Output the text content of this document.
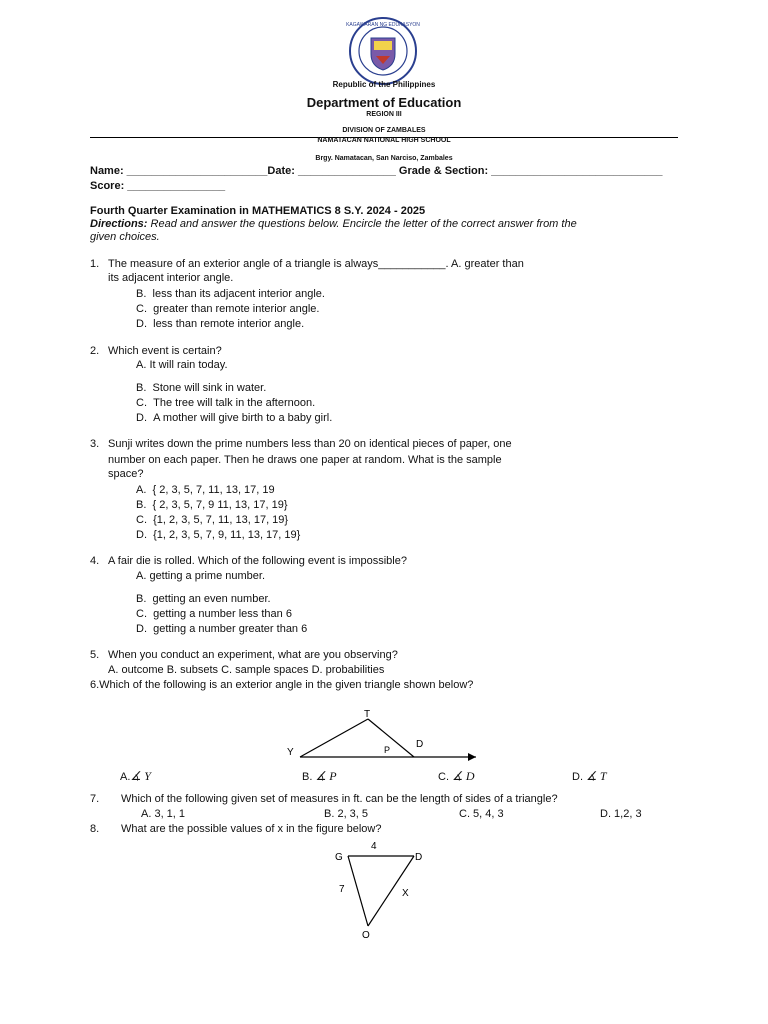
KAGAWARAN NG EDUKASYON
Republic of the Philippines
Department of Education
REGION III
DIVISION OF ZAMBALES
NAMATACAN NATIONAL HIGH SCHOOL
Brgy. Namatacan, San Narciso, Zambales
Name: _______________________Date: ________________ Grade & Section: ____________________________
Score: ________________
Fourth Quarter Examination in MATHEMATICS 8 S.Y. 2024 - 2025
Directions: Read and answer the questions below. Encircle the letter of the correct answer from the
given choices.
1. The measure of an exterior angle of a triangle is always___________. A. greater than
its adjacent interior angle.
B. less than its adjacent interior angle.
C. greater than remote interior angle.
D. less than remote interior angle.
2. Which event is certain?
A. It will rain today.
B. Stone will sink in water.
C. The tree will talk in the afternoon.
D. A mother will give birth to a baby girl.
3. Sunji writes down the prime numbers less than 20 on identical pieces of paper, one
number on each paper. Then he draws one paper at random. What is the sample
space?
A. { 2, 3, 5, 7, 11, 13, 17, 19
B. { 2, 3, 5, 7, 9 11, 13, 17, 19}
C. {1, 2, 3, 5, 7, 11, 13, 17, 19}
D. {1, 2, 3, 5, 7, 9, 11, 13, 17, 19}
4. A fair die is rolled. Which of the following event is impossible?
A. getting a prime number.
B. getting an even number.
C. getting a number less than 6
D. getting a number greater than 6
5. When you conduct an experiment, what are you observing?
A. outcome B. subsets C. sample spaces D. probabilities
6.Which of the following is an exterior angle in the given triangle shown below?
T
Y	P	D
A.∡ Y	B. ∡ P	C. ∡ D	D. ∡ T
7. Which of the following given set of measures in ft. can be the length of sides of a triangle?
A. 3, 1, 1	B. 2, 3, 5	C. 5, 4, 3	D. 1,2, 3
8. What are the possible values of x in the figure below?
4
G	D
7	X
O
